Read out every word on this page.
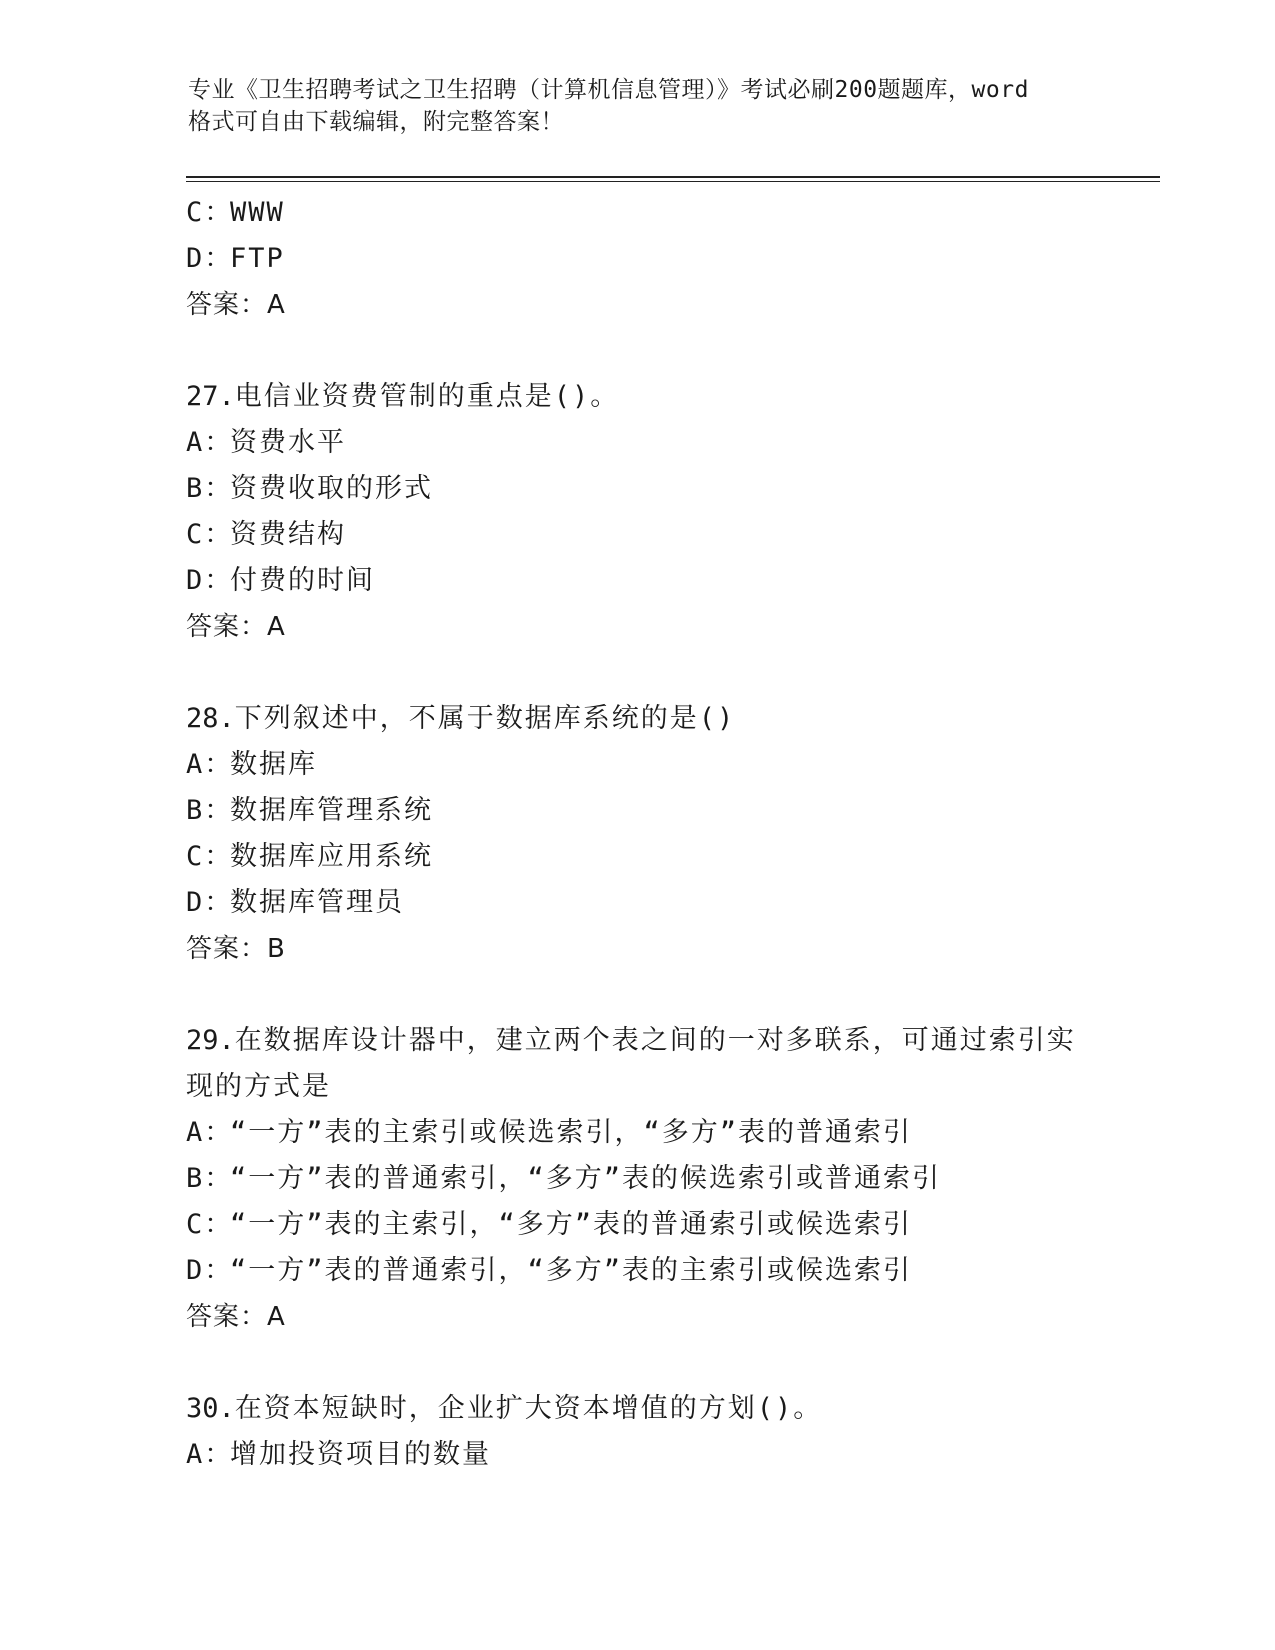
专业《卫生招聘考试之卫生招聘（计算机信息管理）》考试必刷200题题库，word
格式可自由下载编辑，附完整答案！
C：WWW
D：FTP
答案：A
27.电信业资费管制的重点是()。
A：资费水平
B：资费收取的形式
C：资费结构
D：付费的时间
答案：A
28.下列叙述中，不属于数据库系统的是()
A：数据库
B：数据库管理系统
C：数据库应用系统
D：数据库管理员
答案：B
29.在数据库设计器中，建立两个表之间的一对多联系，可通过索引实
现的方式是
A：“一方”表的主索引或候选索引，“多方”表的普通索引
B：“一方”表的普通索引，“多方”表的候选索引或普通索引
C：“一方”表的主索引，“多方”表的普通索引或候选索引
D：“一方”表的普通索引，“多方”表的主索引或候选索引
答案：A
30.在资本短缺时，企业扩大资本增值的方划()。
A：增加投资项目的数量
